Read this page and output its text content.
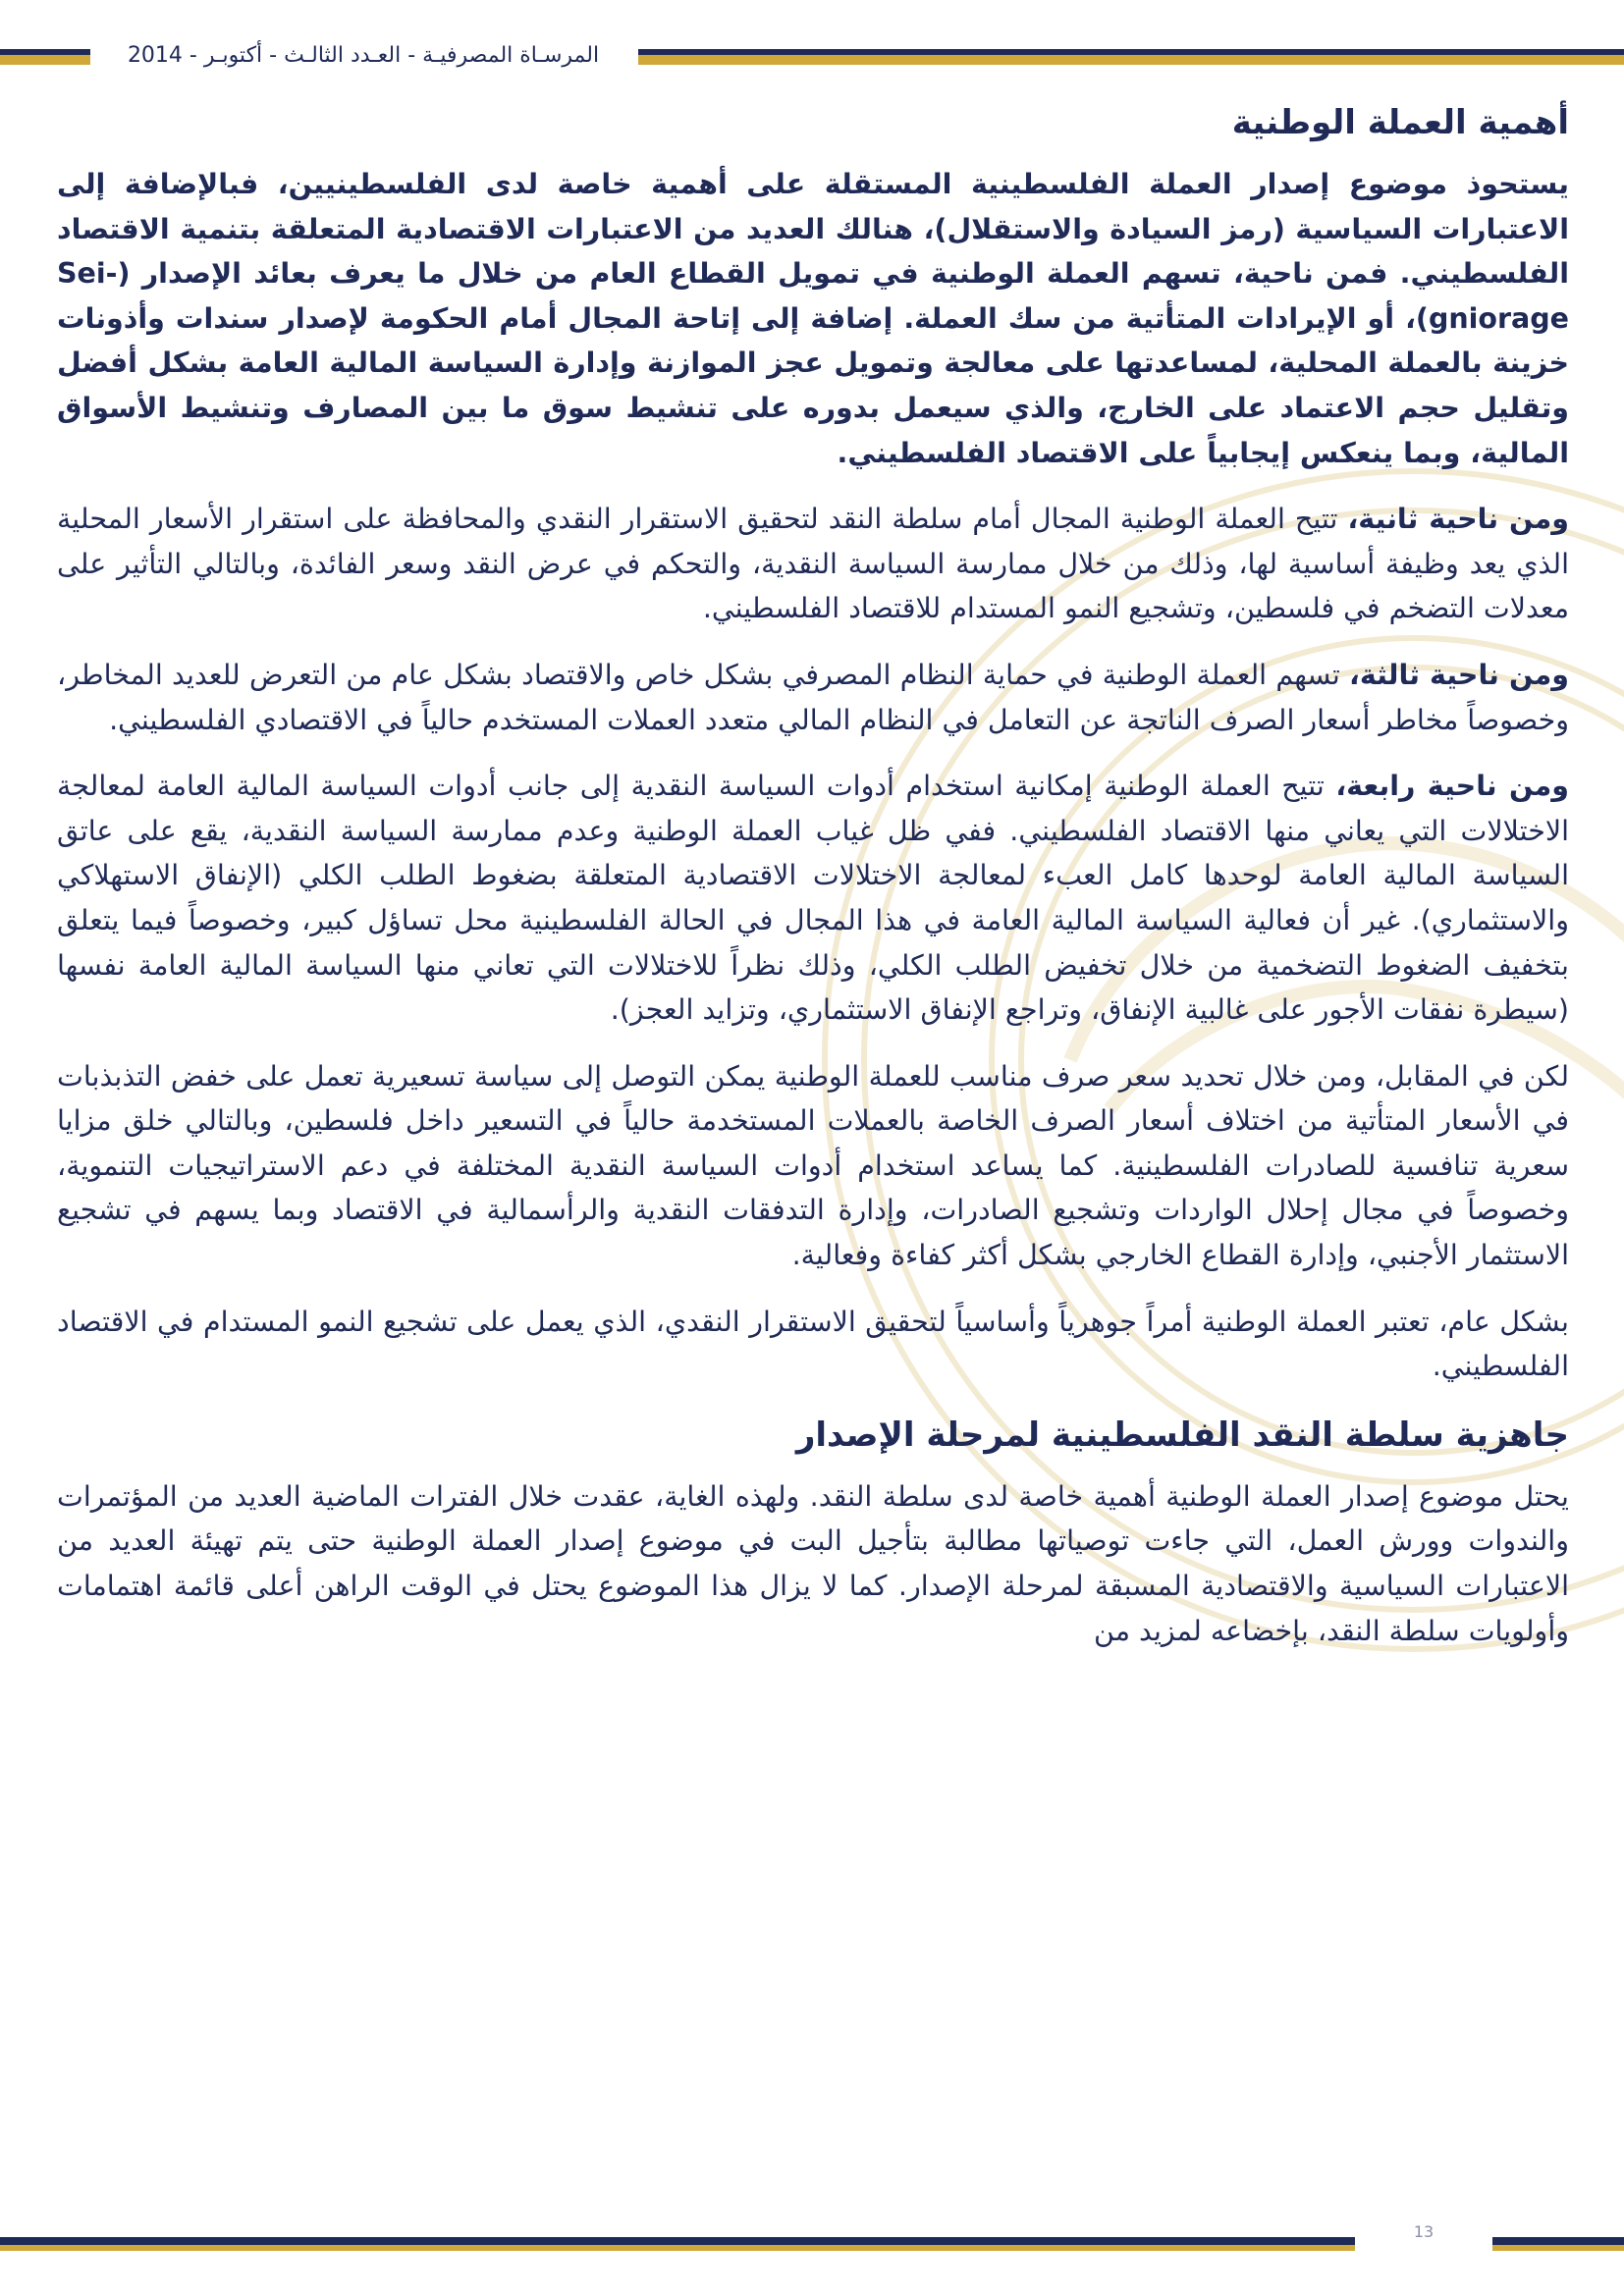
المرسـاة المصرفيـة - العـدد الثالـث - أكتوبـر - 2014
أهمية العملة الوطنية

يستحوذ موضوع إصدار العملة الفلسطينية المستقلة على أهمية خاصة لدى الفلسطينيين، فبالإضافة إلى الاعتبارات السياسية (رمز السيادة والاستقلال)، هنالك العديد من الاعتبارات الاقتصادية المتعلقة بتنمية الاقتصاد الفلسطيني. فمن ناحية، تسهم العملة الوطنية في تمويل القطاع العام من خلال ما يعرف بعائد الإصدار (Sei-gniorage)، أو الإيرادات المتأتية من سك العملة. إضافة إلى إتاحة المجال أمام الحكومة لإصدار سندات وأذونات خزينة بالعملة المحلية، لمساعدتها على معالجة وتمويل عجز الموازنة وإدارة السياسة المالية العامة بشكل أفضل وتقليل حجم الاعتماد على الخارج، والذي سيعمل بدوره على تنشيط سوق ما بين المصارف وتنشيط الأسواق المالية، وبما ينعكس إيجابياً على الاقتصاد الفلسطيني.

ومن ناحية ثانية، تتيح العملة الوطنية المجال أمام سلطة النقد لتحقيق الاستقرار النقدي والمحافظة على استقرار الأسعار المحلية الذي يعد وظيفة أساسية لها، وذلك من خلال ممارسة السياسة النقدية، والتحكم في عرض النقد وسعر الفائدة، وبالتالي التأثير على معدلات التضخم في فلسطين، وتشجيع النمو المستدام للاقتصاد الفلسطيني.

ومن ناحية ثالثة، تسهم العملة الوطنية في حماية النظام المصرفي بشكل خاص والاقتصاد بشكل عام من التعرض للعديد المخاطر، وخصوصاً مخاطر أسعار الصرف الناتجة عن التعامل في النظام المالي متعدد العملات المستخدم حالياً في الاقتصادي الفلسطيني.

ومن ناحية رابعة، تتيح العملة الوطنية إمكانية استخدام أدوات السياسة النقدية إلى جانب أدوات السياسة المالية العامة لمعالجة الاختلالات التي يعاني منها الاقتصاد الفلسطيني. ففي ظل غياب العملة الوطنية وعدم ممارسة السياسة النقدية، يقع على عاتق السياسة المالية العامة لوحدها كامل العبء لمعالجة الاختلالات الاقتصادية المتعلقة بضغوط الطلب الكلي (الإنفاق الاستهلاكي والاستثماري). غير أن فعالية السياسة المالية العامة في هذا المجال في الحالة الفلسطينية محل تساؤل كبير، وخصوصاً فيما يتعلق بتخفيف الضغوط التضخمية من خلال تخفيض الطلب الكلي، وذلك نظراً للاختلالات التي تعاني منها السياسة المالية العامة نفسها (سيطرة نفقات الأجور على غالبية الإنفاق، وتراجع الإنفاق الاستثماري، وتزايد العجز).

لكن في المقابل، ومن خلال تحديد سعر صرف مناسب للعملة الوطنية يمكن التوصل إلى سياسة تسعيرية تعمل على خفض التذبذبات في الأسعار المتأتية من اختلاف أسعار الصرف الخاصة بالعملات المستخدمة حالياً في التسعير داخل فلسطين، وبالتالي خلق مزايا سعرية تنافسية للصادرات الفلسطينية. كما يساعد استخدام أدوات السياسة النقدية المختلفة في دعم الاستراتيجيات التنموية، وخصوصاً في مجال إحلال الواردات وتشجيع الصادرات، وإدارة التدفقات النقدية والرأسمالية في الاقتصاد وبما يسهم في تشجيع الاستثمار الأجنبي، وإدارة القطاع الخارجي بشكل أكثر كفاءة وفعالية.

بشكل عام، تعتبر العملة الوطنية أمراً جوهرياً وأساسياً لتحقيق الاستقرار النقدي، الذي يعمل على تشجيع النمو المستدام في الاقتصاد الفلسطيني.

جاهزية سلطة النقد الفلسطينية لمرحلة الإصدار

يحتل موضوع إصدار العملة الوطنية أهمية خاصة لدى سلطة النقد. ولهذه الغاية، عقدت خلال الفترات الماضية العديد من المؤتمرات والندوات وورش العمل، التي جاءت توصياتها مطالبة بتأجيل البت في موضوع إصدار العملة الوطنية حتى يتم تهيئة العديد من الاعتبارات السياسية والاقتصادية المسبقة لمرحلة الإصدار. كما لا يزال هذا الموضوع يحتل في الوقت الراهن أعلى قائمة اهتمامات وأولويات سلطة النقد، بإخضاعه لمزيد من

13
